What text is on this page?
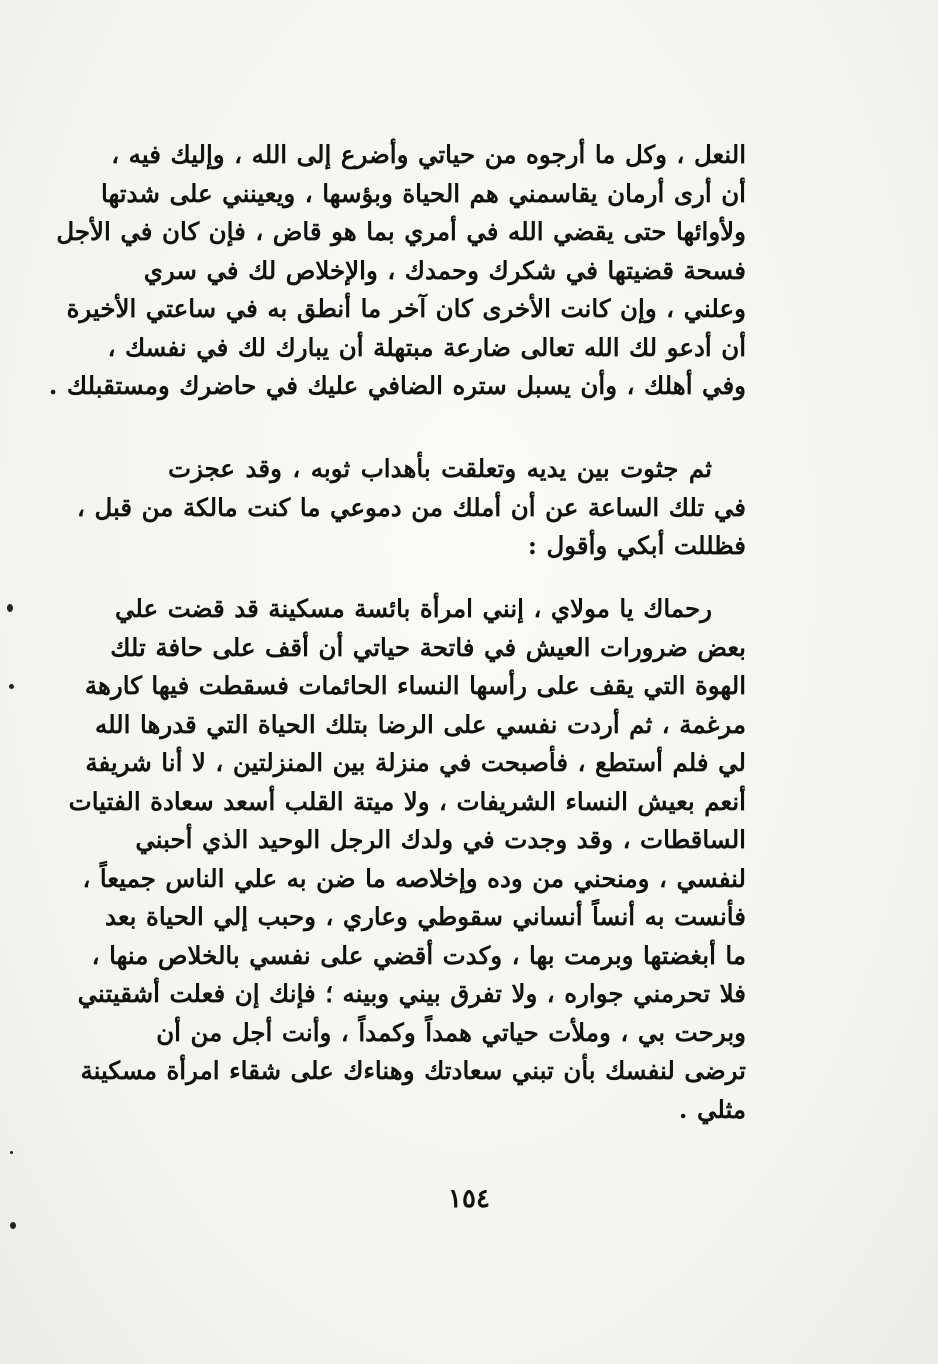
النعل ، وكل ما أرجوه من حياتي وأضرع إلى الله ، وإليك فيه ،
أن أرى أرمان يقاسمني هم الحياة وبؤسها ، ويعينني على شدتها
ولأوائها حتى يقضي الله في أمري بما هو قاض ، فإن كان في الأجل
فسحة قضيتها في شكرك وحمدك ، والإخلاص لك في سري
وعلني ، وإن كانت الأخرى كان آخر ما أنطق به في ساعتي الأخيرة
أن أدعو لك الله تعالى ضارعة مبتهلة أن يبارك لك في نفسك ،
وفي أهلك ، وأن يسبل ستره الضافي عليك في حاضرك ومستقبلك .
ثم جثوت بين يديه وتعلقت بأهداب ثوبه ، وقد عجزت
في تلك الساعة عن أن أملك من دموعي ما كنت مالكة من قبل ،
فظللت أبكي وأقول :
رحماك يا مولاي ، إنني امرأة بائسة مسكينة قد قضت علي
بعض ضرورات العيش في فاتحة حياتي أن أقف على حافة تلك
الهوة التي يقف على رأسها النساء الحائمات فسقطت فيها كارهة
مرغمة ، ثم أردت نفسي على الرضا بتلك الحياة التي قدرها الله
لي فلم أستطع ، فأصبحت في منزلة بين المنزلتين ، لا أنا شريفة
أنعم بعيش النساء الشريفات ، ولا ميتة القلب أسعد سعادة الفتيات
الساقطات ، وقد وجدت في ولدك الرجل الوحيد الذي أحبني
لنفسي ، ومنحني من وده وإخلاصه ما ضن به علي الناس جميعاً ،
فأنست به أنساً أنساني سقوطي وعاري ، وحبب إلي الحياة بعد
ما أبغضتها وبرمت بها ، وكدت أقضي على نفسي بالخلاص منها ،
فلا تحرمني جواره ، ولا تفرق بيني وبينه ؛ فإنك إن فعلت أشقيتني
وبرحت بي ، وملأت حياتي همداً وكمداً ، وأنت أجل من أن
ترضى لنفسك بأن تبني سعادتك وهناءك على شقاء امرأة مسكينة
مثلي .
١٥٤
